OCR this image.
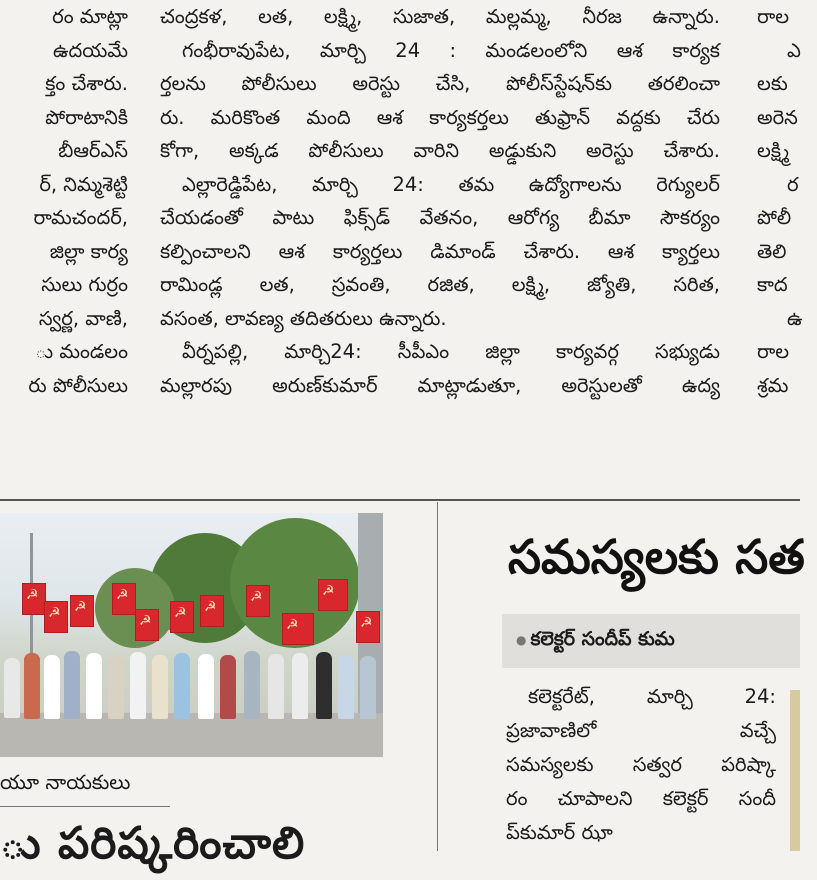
రం మాట్లా
ఉదయమే
క్తం చేశారు.
పోరాటానికి
బీఆర్ఎస్
ర్, నిమ్మశెట్టి
రామచందర్,
జిల్లా కార్య
సులు గుర్రం
స్వర్ణ, వాణి,
ు మండలం
రు పోలీసులు
చంద్రకళ, లత, లక్ష్మి, సుజాత, మల్లమ్మ, నీరజ ఉన్నారు.
గంభీరావుపేట, మార్చి 24 : మండలంలోని ఆశ కార్యక
ర్తలను పోలీసులు అరెస్టు చేసి, పోలీస్‌స్టేషన్‌కు తరలించా
రు. మరికొంత మంది ఆశ కార్యకర్తలు తుఫ్రాన్ వద్దకు చేరు
కోగా, అక్కడ పోలీసులు వారిని అడ్డుకుని అరెస్టు చేశారు.
ఎల్లారెడ్డిపేట, మార్చి 24: తమ ఉద్యోగాలను రెగ్యులర్
చేయడంతో పాటు ఫిక్స్‌డ్ వేతనం, ఆరోగ్య బీమా సౌకర్యం
కల్పించాలని ఆశ కార్యర్తలు డిమాండ్ చేశారు. ఆశ క్యార్తలు
రామిండ్ల లత, స్రవంతి, రజిత, లక్ష్మి, జ్యోతి, సరిత,
వసంత, లావణ్య తదితరులు ఉన్నారు.
వీర్నపల్లి, మార్చి24: సీపీఎం జిల్లా కార్యవర్గ సభ్యుడు
మల్లారపు అరుణ్‌కుమార్ మాట్లాడుతూ, అరెస్టులతో ఉద్య
రాల
ఎ
లకు
అరెన
లక్ష్మి
ర
పోలీ
తెలి
కాద
ఉ
రాల
శ్రమ
☭
☭
☭
☭
☭
☭
☭
☭
☭
☭
☭
యూ నాయకులు
ు పరిష్కరించాలి
సమస్యలకు సత
● కలెక్టర్ సందీప్ కుమ
కలెక్టరేట్, మార్చి 24:
ప్రజావాణిలో వచ్చే
సమస్యలకు సత్వర పరిష్కా
రం చూపాలని కలెక్టర్ సందీ
ప్‌కుమార్ ఝా
